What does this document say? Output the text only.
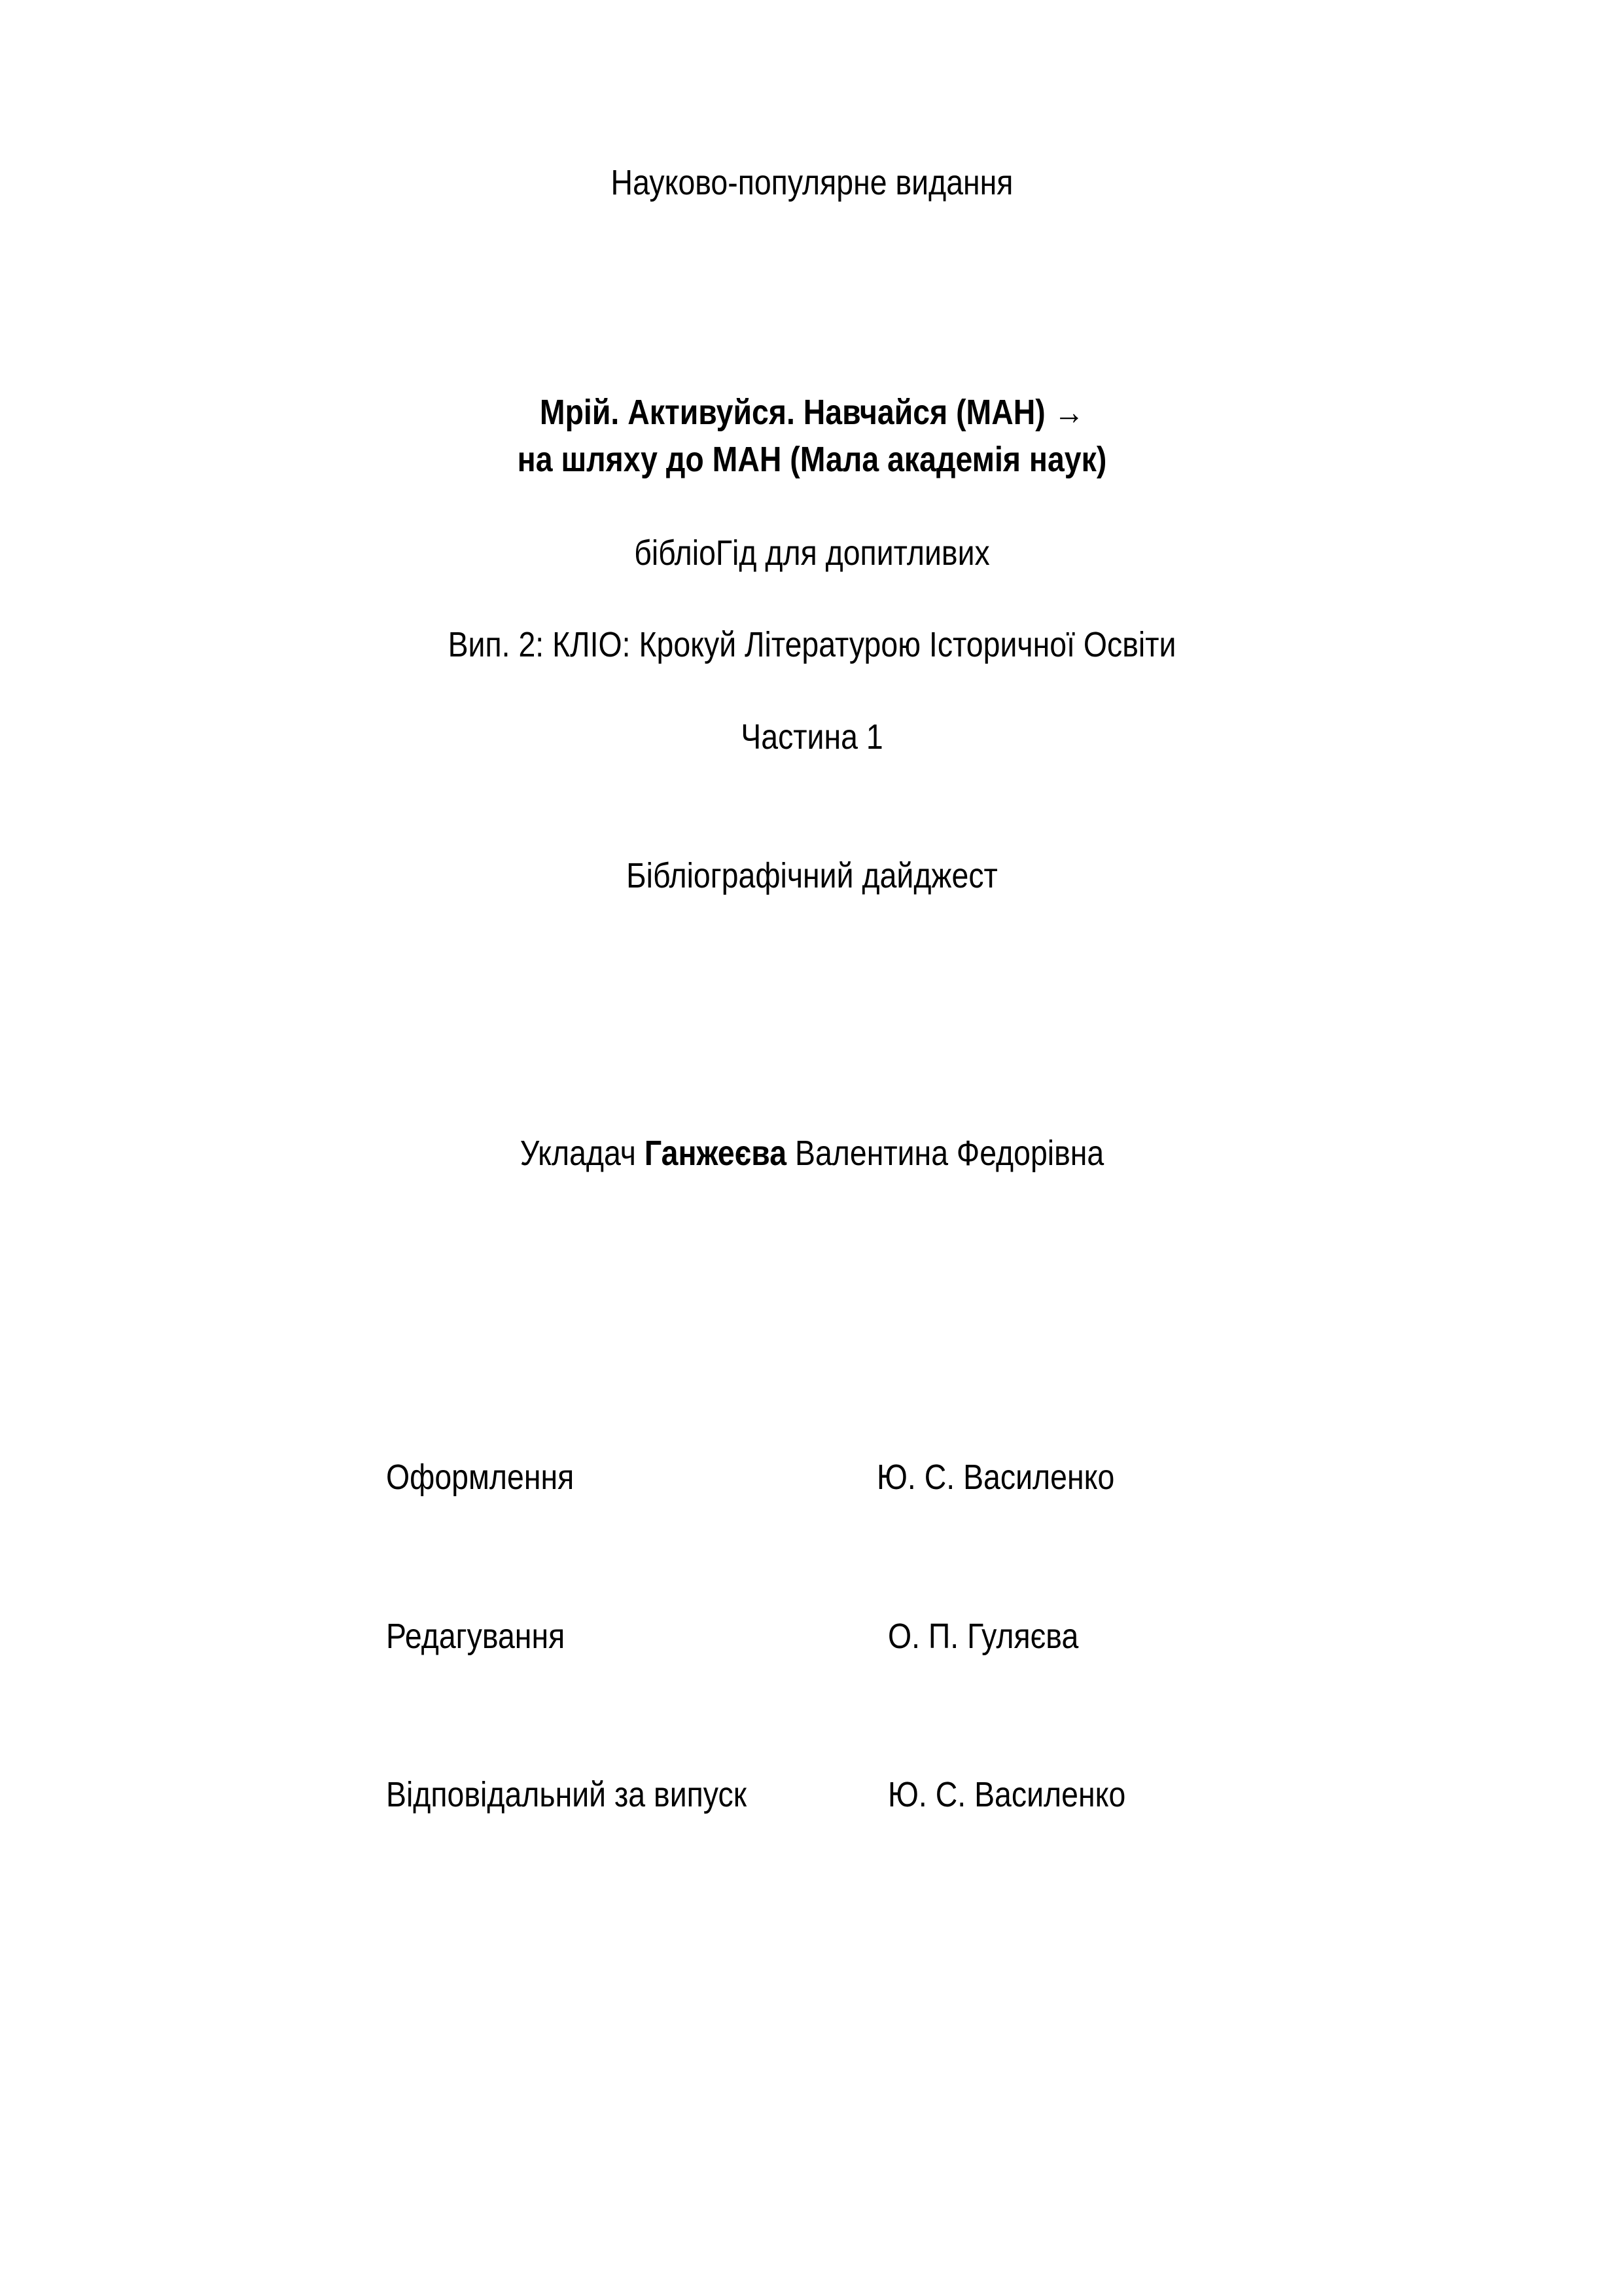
Науково-популярне видання
Мрій. Активуйся. Навчайся (МАН) →
на шляху до МАН (Мала академія наук)
бібліоГід для допитливих
Вип. 2: КЛІО: Крокуй Літературою Історичної Освіти
Частина 1
Бібліографічний дайджест
Укладач Ганжеєва Валентина Федорівна
Оформлення	Ю. С. Василенко
Редагування	О. П. Гуляєва
Відповідальний за випуск	Ю. С. Василенко
